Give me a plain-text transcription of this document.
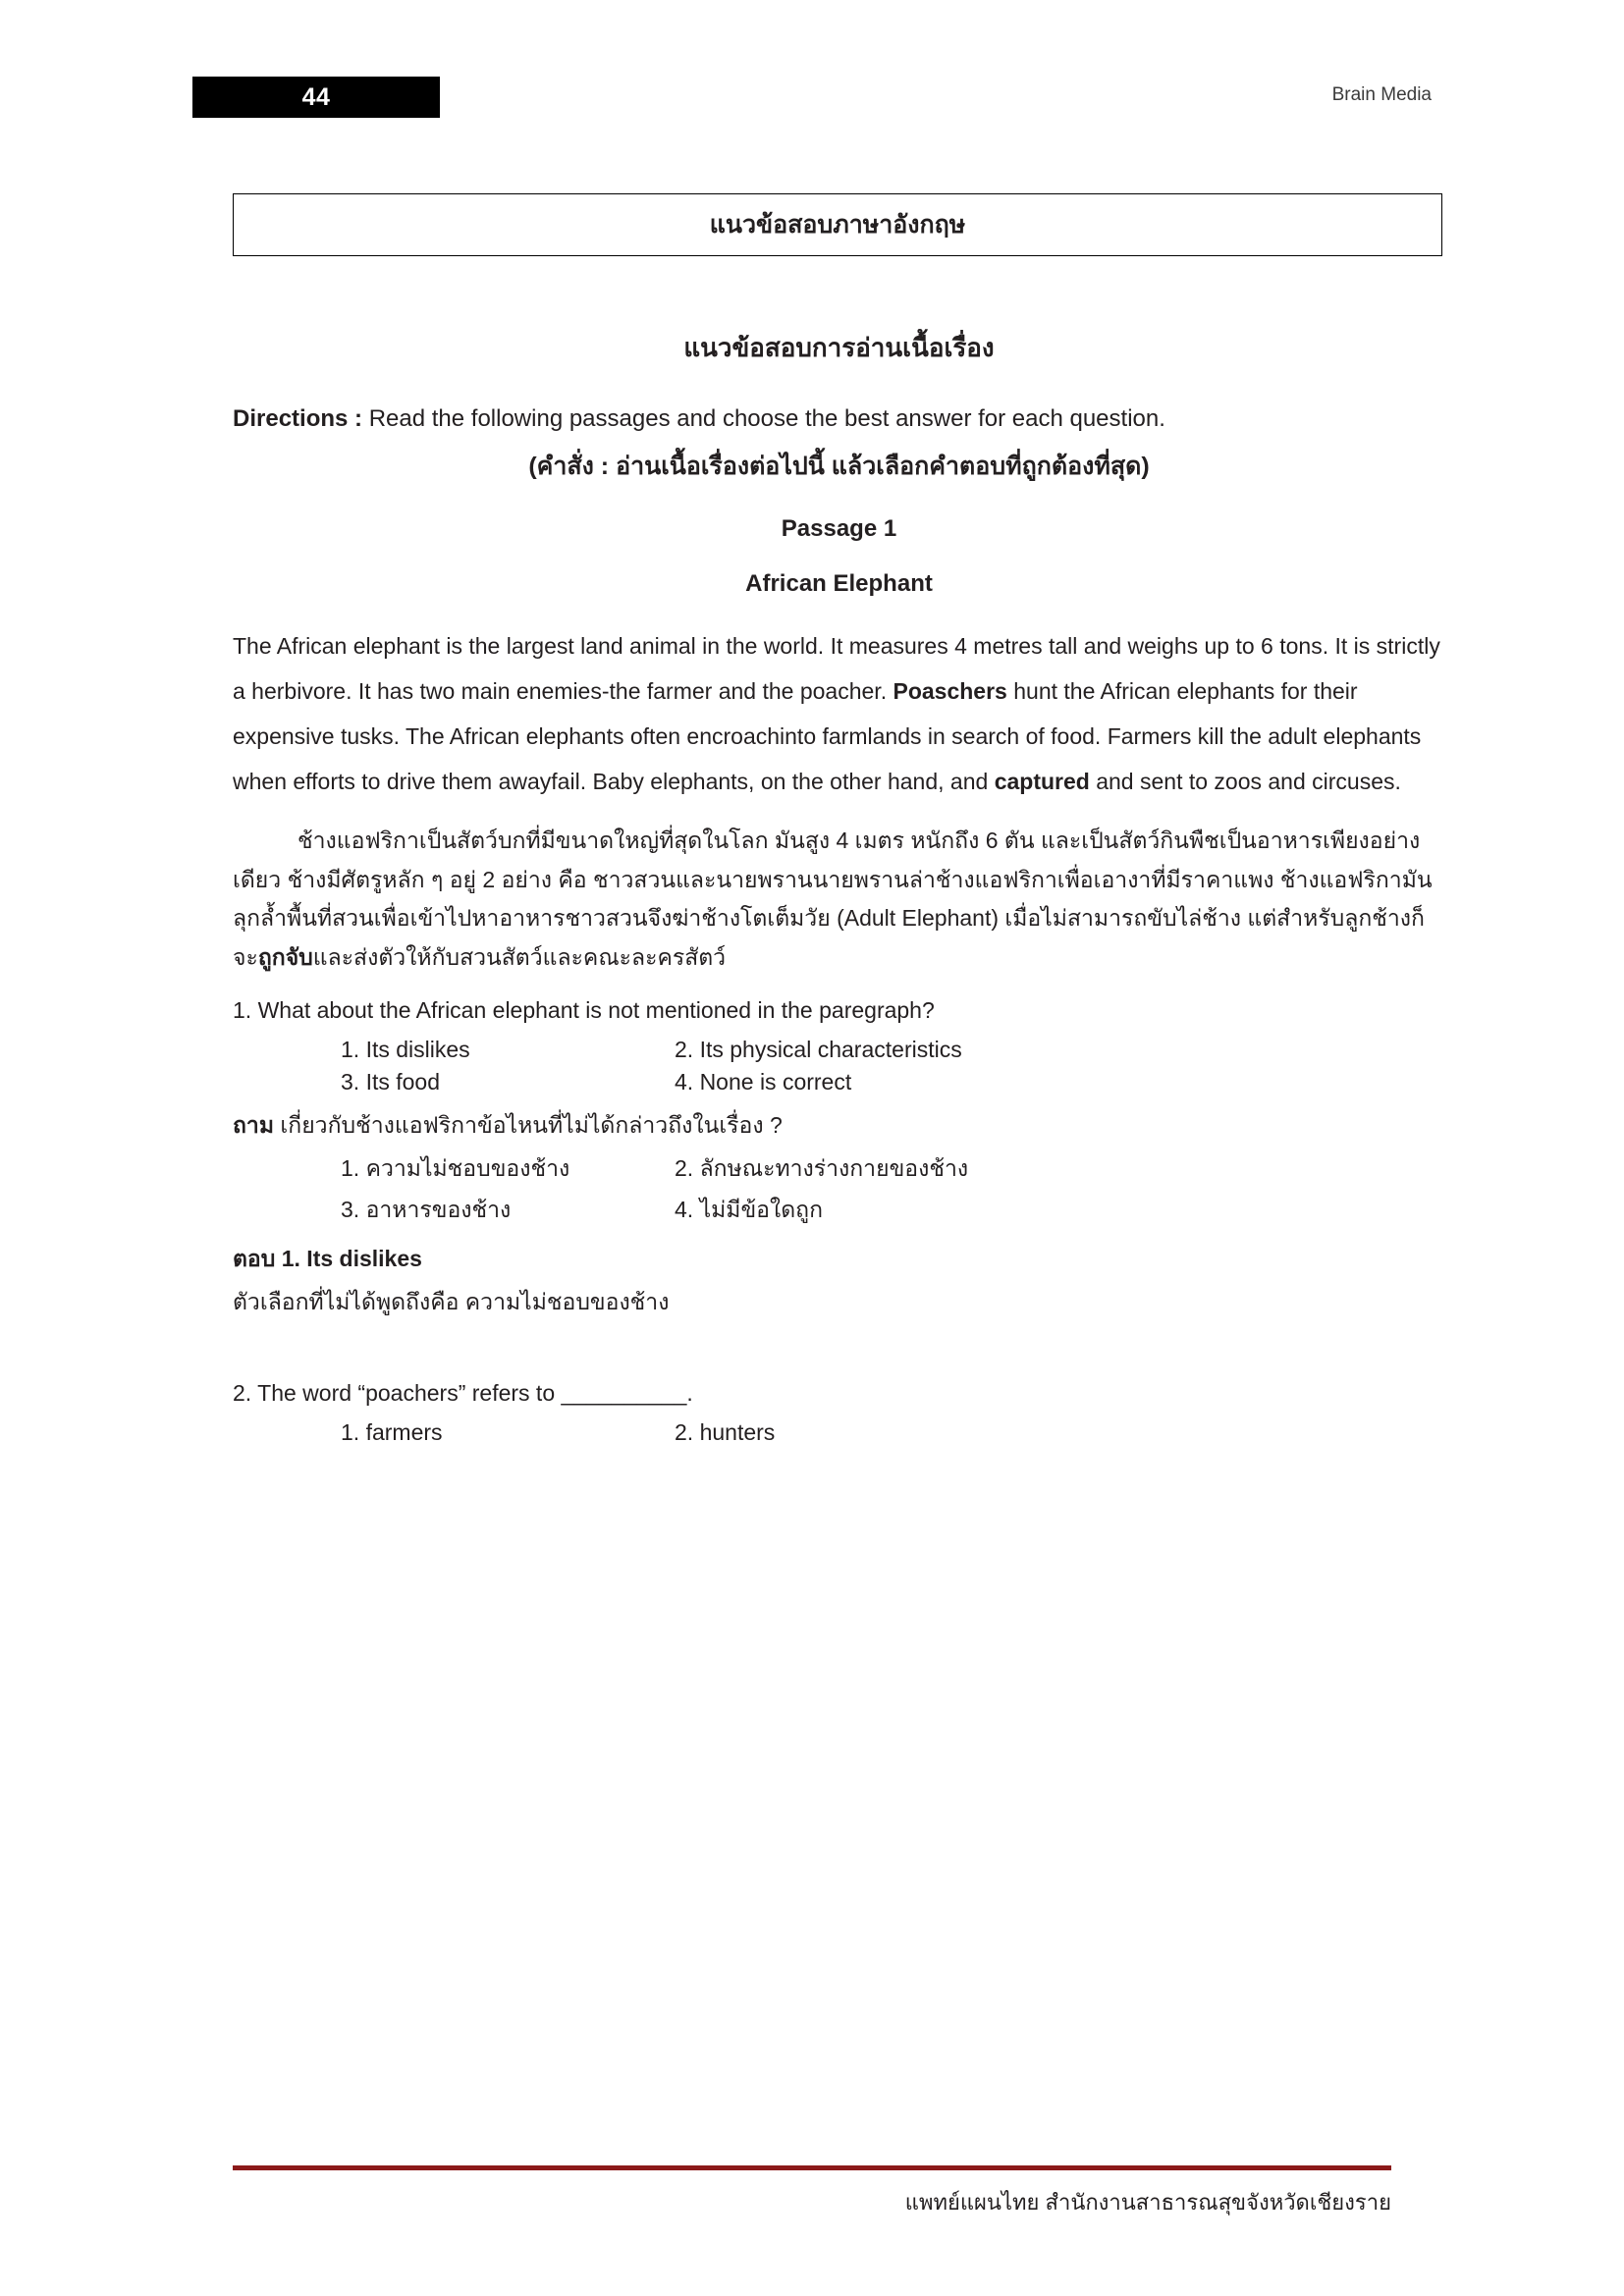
44	Brain Media
แนวข้อสอบภาษาอังกฤษ
แนวข้อสอบการอ่านเนื้อเรื่อง

Directions : Read the following passages and choose the best answer for each question.

(คำสั่ง : อ่านเนื้อเรื่องต่อไปนี้ แล้วเลือกคำตอบที่ถูกต้องที่สุด)
Passage 1
African Elephant

The African elephant is the largest land animal in the world. It measures 4 metres tall and weighs up to 6 tons. It is strictly a herbivore. It has two main enemies-the farmer and the poacher. Poaschers hunt the African elephants for their expensive tusks. The African elephants often encroachinto farmlands in search of food. Farmers kill the adult elephants when efforts to drive them awayfail. Baby elephants, on the other hand, and captured and sent to zoos and circuses.

ช้างแอฟริกาเป็นสัตว์บกที่มีขนาดใหญ่ที่สุดในโลก มันสูง 4 เมตร หนักถึง 6 ตัน และเป็นสัตว์กินพืชเป็นอาหารเพียงอย่างเดียว ช้างมีศัตรูหลัก ๆ อยู่ 2 อย่าง คือ ชาวสวนและนายพรานนายพรานล่าช้างแอฟริกาเพื่อเอางาที่มีราคาแพง ช้างแอฟริกามันลุกล้ำพื้นที่สวนเพื่อเข้าไปหาอาหารชาวสวนจึงฆ่าช้างโตเต็มวัย (Adult Elephant) เมื่อไม่สามารถขับไล่ช้าง แต่สำหรับลูกช้างก็จะถูกจับและส่งตัวให้กับสวนสัตว์และคณะละครสัตว์

1. What about the African elephant is not mentioned in the paregraph?

1. Its dislikes	2. Its physical characteristics
3. Its food	4. None is correct

ถาม เกี่ยวกับช้างแอฟริกาข้อไหนที่ไม่ได้กล่าวถึงในเรื่อง ?

1. ความไม่ชอบของช้าง	2. ลักษณะทางร่างกายของช้าง
3. อาหารของช้าง	4. ไม่มีข้อใดถูก

ตอบ 1. Its dislikes

ตัวเลือกที่ไม่ได้พูดถึงคือ ความไม่ชอบของช้าง

2. The word “poachers” refers to __________.

1. farmers	2. hunters
แพทย์แผนไทย สำนักงานสาธารณสุขจังหวัดเชียงราย
